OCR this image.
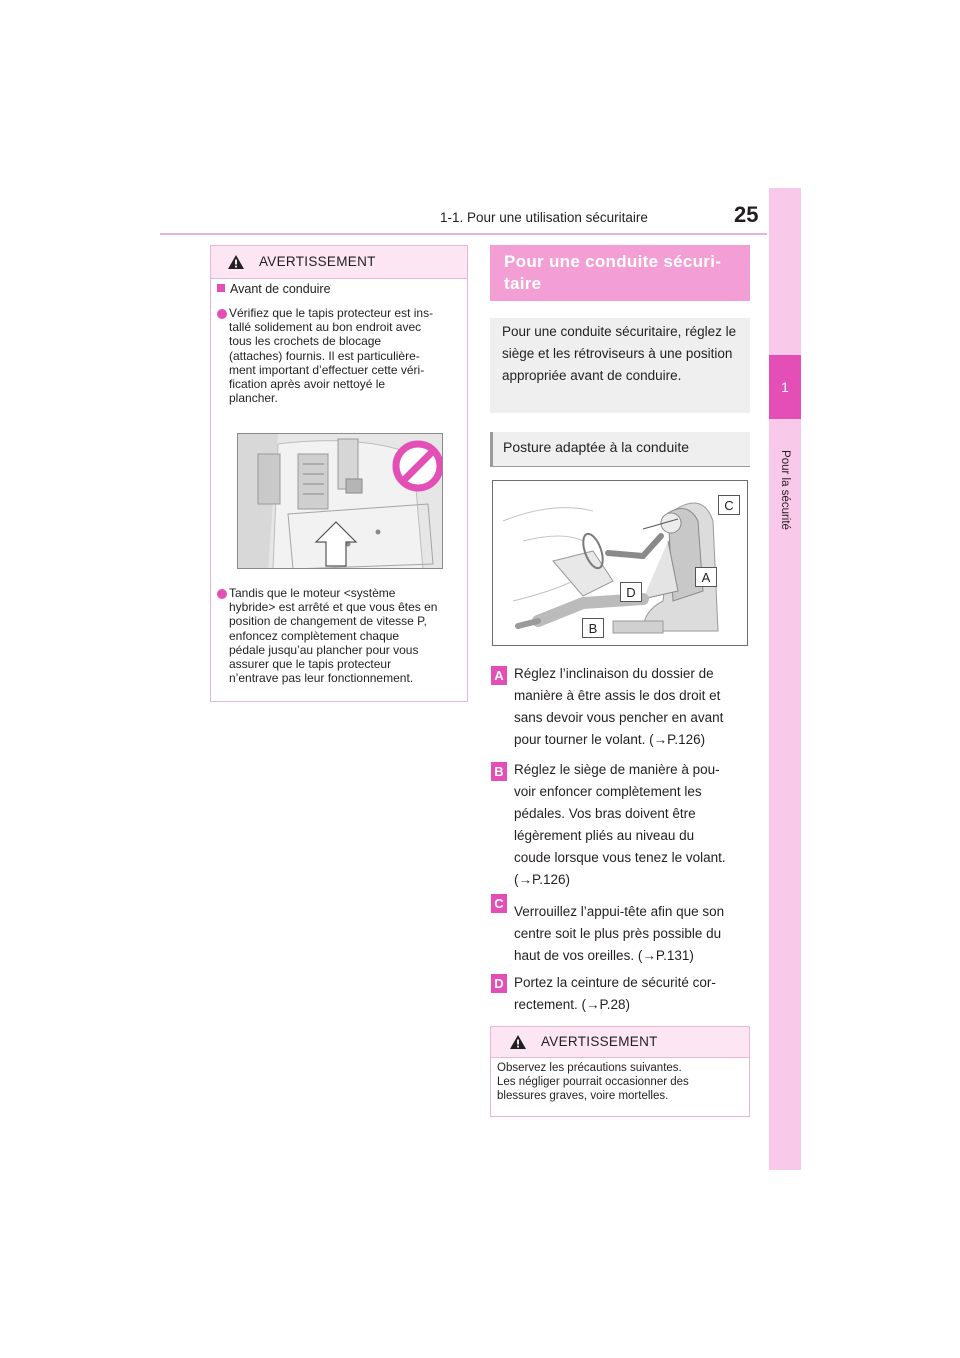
1-1. Pour une utilisation sécuritaire	25
1
Pour la sécurité
AVERTISSEMENT
Avant de conduire
Vérifiez que le tapis protecteur est ins-
tallé solidement au bon endroit avec
tous les crochets de blocage
(attaches) fournis. Il est particulière-
ment important d’effectuer cette véri-
fication après avoir nettoyé le
plancher.
Tandis que le moteur <système
hybride> est arrêté et que vous êtes en
position de changement de vitesse P,
enfoncez complètement chaque
pédale jusqu’au plancher pour vous
assurer que le tapis protecteur
n’entrave pas leur fonctionnement.
Pour une conduite sécuri-
taire
Pour une conduite sécuritaire, réglez le siège et les rétroviseurs à une position appropriée avant de conduire.
Posture adaptée à la conduite
C
A
D
B
A Réglez l’inclinaison du dossier de
manière à être assis le dos droit et
sans devoir vous pencher en avant
pour tourner le volant. (→P.126)
B Réglez le siège de manière à pou-
voir enfoncer complètement les
pédales. Vos bras doivent être
légèrement pliés au niveau du
coude lorsque vous tenez le volant.
(→P.126)
C
Verrouillez l’appui-tête afin que son
centre soit le plus près possible du
haut de vos oreilles. (→P.131)
D Portez la ceinture de sécurité cor-
rectement. (→P.28)
AVERTISSEMENT
Observez les précautions suivantes.
Les négliger pourrait occasionner des
blessures graves, voire mortelles.
